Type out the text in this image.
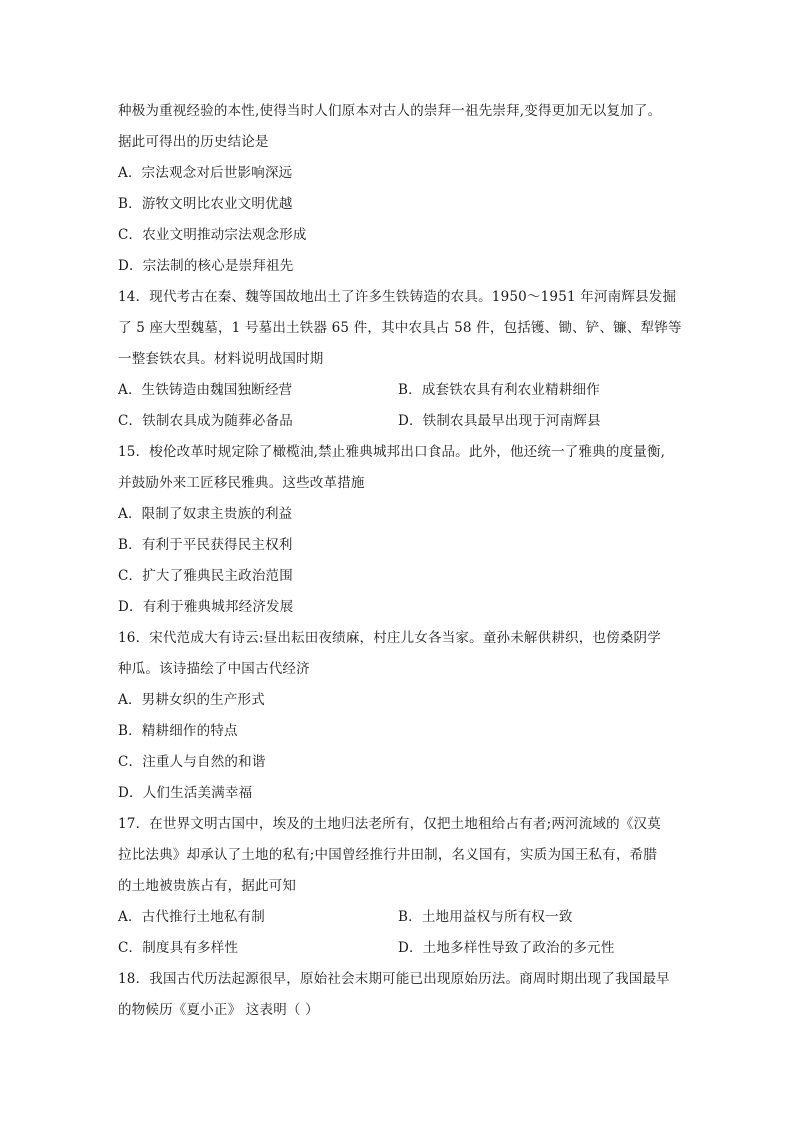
种极为重视经验的本性,使得当时人们原本对古人的崇拜一祖先崇拜,变得更加无以复加了。
据此可得出的历史结论是
A．宗法观念对后世影响深远
B．游牧文明比农业文明优越
C．农业文明推动宗法观念形成
D．宗法制的核心是崇拜祖先
14．现代考古在秦、魏等国故地出土了许多生铁铸造的农具。1950～1951 年河南辉县发掘
了 5 座大型魏墓，1 号墓出土铁器 65 件，其中农具占 58 件，包括镬、锄、铲、镰、犁铧等
一整套铁农具。材料说明战国时期
A．生铁铸造由魏国独断经营	B．成套铁农具有利农业精耕细作
C．铁制农具成为随葬必备品	D．铁制农具最早出现于河南辉县
15．梭伦改革时规定除了橄榄油,禁止雅典城邦出口食品。此外，他还统一了雅典的度量衡,
并鼓励外来工匠移民雅典。这些改革措施
A．限制了奴隶主贵族的利益
B．有利于平民获得民主权利
C．扩大了雅典民主政治范围
D．有利于雅典城邦经济发展
16．宋代范成大有诗云:昼出耘田夜绩麻，村庄儿女各当家。童孙未解供耕织，也傍桑阴学
种瓜。该诗描绘了中国古代经济
A．男耕女织的生产形式
B．精耕细作的特点
C．注重人与自然的和谐
D．人们生活美满幸福
17．在世界文明古国中，埃及的土地归法老所有，仅把土地租给占有者;两河流域的《汉莫
拉比法典》却承认了土地的私有;中国曾经推行井田制，名义国有，实质为国王私有，希腊
的土地被贵族占有，据此可知
A．古代推行土地私有制	B．土地用益权与所有权一致
C．制度具有多样性	D．土地多样性导致了政治的多元性
18．我国古代历法起源很早，原始社会末期可能已出现原始历法。商周时期出现了我国最早
的物候历《夏小正》 这表明（ ）
